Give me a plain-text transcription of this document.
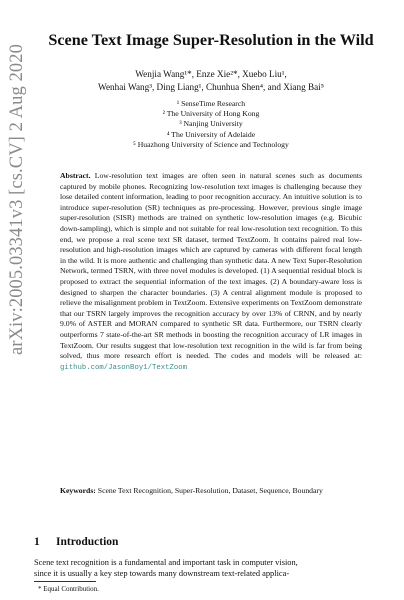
arXiv:2005.03341v3 [cs.CV] 2 Aug 2020
Scene Text Image Super-Resolution in the Wild
Wenjia Wang¹*, Enze Xie²*, Xuebo Liu¹,
Wenhai Wang³, Ding Liang¹, Chunhua Shen⁴, and Xiang Bai⁵
¹ SenseTime Research
² The University of Hong Kong
³ Nanjing University
⁴ The University of Adelaide
⁵ Huazhong University of Science and Technology
Abstract. Low-resolution text images are often seen in natural scenes such as documents captured by mobile phones. Recognizing low-resolution text images is challenging because they lose detailed content information, leading to poor recognition accuracy. An intuitive solution is to introduce super-resolution (SR) techniques as pre-processing. However, previous single image super-resolution (SISR) methods are trained on synthetic low-resolution images (e.g. Bicubic down-sampling), which is simple and not suitable for real low-resolution text recognition. To this end, we propose a real scene text SR dataset, termed TextZoom. It contains paired real low-resolution and high-resolution images which are captured by cameras with different focal length in the wild. It is more authentic and challenging than synthetic data. A new Text Super-Resolution Network, termed TSRN, with three novel modules is developed. (1) A sequential residual block is proposed to extract the sequential information of the text images. (2) A boundary-aware loss is designed to sharpen the character boundaries. (3) A central alignment module is proposed to relieve the misalignment problem in TextZoom. Extensive experiments on TextZoom demonstrate that our TSRN largely improves the recognition accuracy by over 13% of CRNN, and by nearly 9.0% of ASTER and MORAN compared to synthetic SR data. Furthermore, our TSRN clearly outperforms 7 state-of-the-art SR methods in boosting the recognition accuracy of LR images in TextZoom. Our results suggest that low-resolution text recognition in the wild is far from being solved, thus more research effort is needed. The codes and models will be released at: github.com/JasonBoy1/TextZoom
Keywords: Scene Text Recognition, Super-Resolution, Dataset, Sequence, Boundary
1 Introduction
Scene text recognition is a fundamental and important task in computer vision,
since it is usually a key step towards many downstream text-related applica-
* Equal Contribution.
